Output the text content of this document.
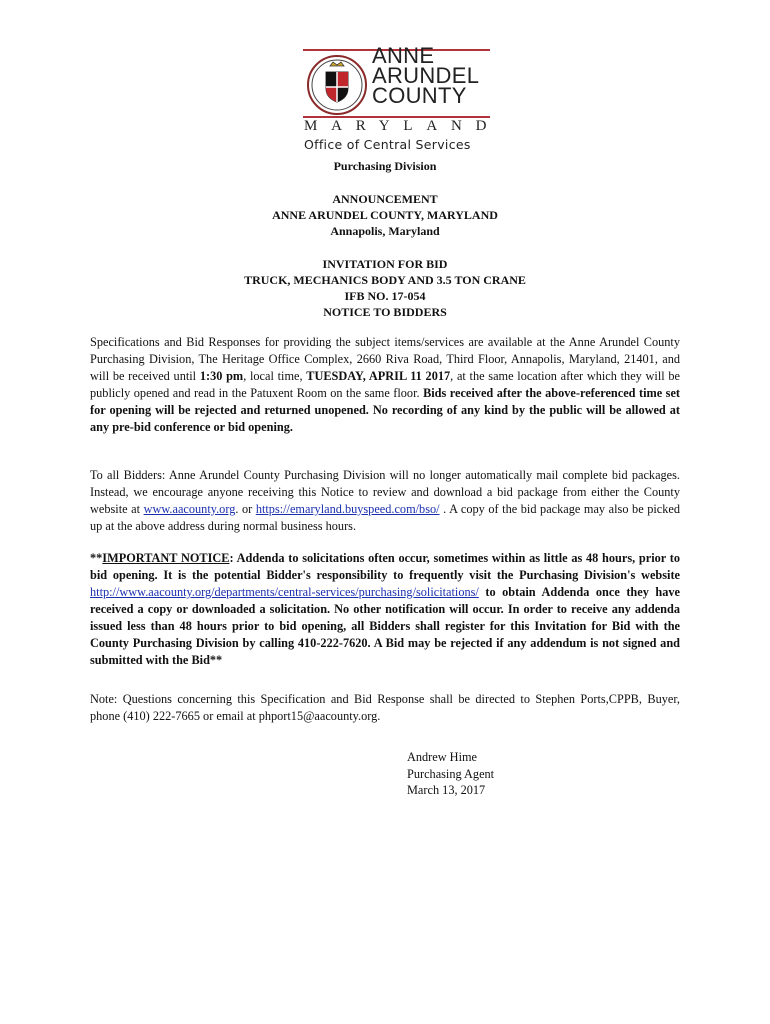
ANNE
ARUNDEL
COUNTY
MARYLAND
Office of Central Services
Purchasing Division
ANNOUNCEMENT
ANNE ARUNDEL COUNTY, MARYLAND
Annapolis, Maryland
INVITATION FOR BID
TRUCK, MECHANICS BODY AND 3.5 TON CRANE
IFB NO. 17-054
NOTICE TO BIDDERS
Specifications and Bid Responses for providing the subject items/services are available at the Anne Arundel County Purchasing Division, The Heritage Office Complex, 2660 Riva Road, Third Floor, Annapolis, Maryland, 21401, and will be received until 1:30 pm, local time, TUESDAY, APRIL 11 2017, at the same location after which they will be publicly opened and read in the Patuxent Room on the same floor. Bids received after the above-referenced time set for opening will be rejected and returned unopened. No recording of any kind by the public will be allowed at any pre-bid conference or bid opening.
To all Bidders: Anne Arundel County Purchasing Division will no longer automatically mail complete bid packages. Instead, we encourage anyone receiving this Notice to review and download a bid package from either the County website at www.aacounty.org. or https://emaryland.buyspeed.com/bso/ . A copy of the bid package may also be picked up at the above address during normal business hours.
**IMPORTANT NOTICE: Addenda to solicitations often occur, sometimes within as little as 48 hours, prior to bid opening. It is the potential Bidder's responsibility to frequently visit the Purchasing Division's website http://www.aacounty.org/departments/central-services/purchasing/solicitations/ to obtain Addenda once they have received a copy or downloaded a solicitation. No other notification will occur. In order to receive any addenda issued less than 48 hours prior to bid opening, all Bidders shall register for this Invitation for Bid with the County Purchasing Division by calling 410-222-7620. A Bid may be rejected if any addendum is not signed and submitted with the Bid**
Note: Questions concerning this Specification and Bid Response shall be directed to Stephen Ports,CPPB, Buyer, phone (410) 222-7665 or email at phport15@aacounty.org.
Andrew Hime
Purchasing Agent
March 13, 2017
